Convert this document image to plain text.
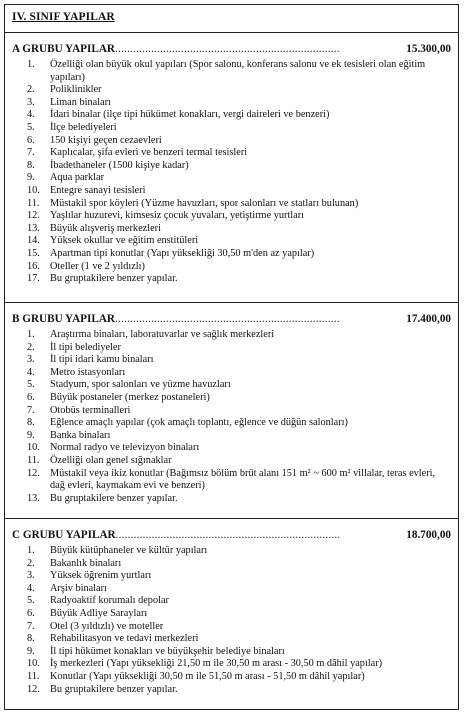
IV. SINIF YAPILAR
A GRUBU YAPILAR...........................................................................	15.300,00
1.	Özelliği olan büyük okul yapıları (Spor salonu, konferans salonu ve ek tesisleri olan eğitim yapıları)
2.	Poliklinikler
3.	Liman binaları
4.	İdari binalar (ilçe tipi hükümet konakları, vergi daireleri ve benzeri)
5.	İlçe belediyeleri
6.	150 kişiyi geçen cezaevleri
7.	Kaplıcalar, şifa evleri ve benzeri termal tesisleri
8.	İbadethaneler (1500 kişiye kadar)
9.	Aqua parklar
10. Entegre sanayi tesisleri
11.	Müstakil spor köyleri (Yüzme havuzları, spor salonları ve statları bulunan)
12. Yaşlılar huzurevi, kimsesiz çocuk yuvaları, yetiştirme yurtları
13. Büyük alışveriş merkezleri
14. Yüksek okullar ve eğitim enstitüleri
15. Apartman tipi konutlar (Yapı yüksekliği 30,50 m'den az yapılar)
16. Oteller (1 ve 2 yıldızlı)
17. Bu gruptakilere benzer yapılar.
B GRUBU YAPILAR...........................................................................	17.400,00
1.	Araştırma binaları, laboratuvarlar ve sağlık merkezleri
2.	İl tipi belediyeler
3.	İl tipi idari kamu binaları
4.	Metro istasyonları
5.	Stadyum, spor salonları ve yüzme havuzları
6.	Büyük postaneler (merkez postaneleri)
7.	Otobüs terminalleri
8.	Eğlence amaçlı yapılar (çok amaçlı toplantı, eğlence ve düğün salonları)
9.	Banka binaları
10. Normal radyo ve televizyon binaları
11.	Özelliği olan genel sığınaklar
12. Müstakil veya ikiz konutlar (Bağımsız bölüm brüt alanı 151 m² ~ 600 m² villalar, teras evleri, dağ evleri, kaymakam evi ve benzeri)
13. Bu gruptakilere benzer yapılar.
C GRUBU YAPILAR...........................................................................	18.700,00
1.	Büyük kütüphaneler ve kültür yapıları
2.	Bakanlık binaları
3.	Yüksek öğrenim yurtları
4.	Arşiv binaları
5.	Radyoaktif korumalı depolar
6.	Büyük Adliye Sarayları
7.	Otel (3 yıldızlı) ve moteller
8.	Rehabilitasyon ve tedavi merkezleri
9.	İl tipi hükümet konakları ve büyükşehir belediye binaları
10. İş merkezleri (Yapı yüksekliği 21,50 m ile 30,50 m arası - 30,50 m dâhil yapılar)
11.	Konutlar (Yapı yüksekliği 30,50 m ile 51,50 m arası - 51,50 m dâhil yapılar)
12. Bu gruptakilere benzer yapılar.
